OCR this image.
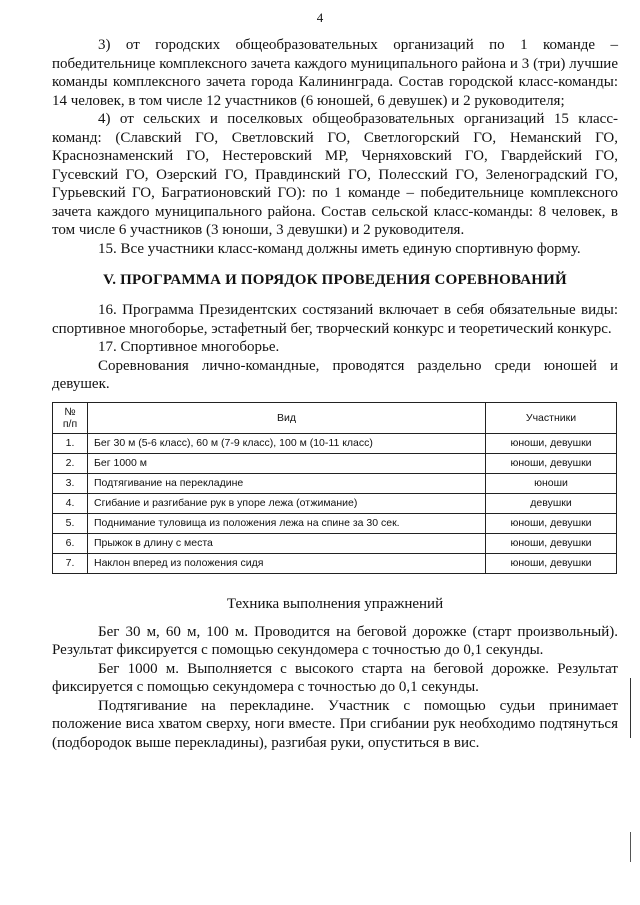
4

3) от городских общеобразовательных организаций по 1 команде – победительнице комплексного зачета каждого муниципального района и 3 (три) лучшие команды комплексного зачета города Калининграда. Состав городской класс-команды: 14 человек, в том числе 12 участников (6 юношей, 6 девушек) и 2 руководителя;

4) от сельских и поселковых общеобразовательных организаций 15 класс-команд: (Славский ГО, Светловский ГО, Светлогорский ГО, Неманский ГО, Краснознаменский ГО, Нестеровский МР, Черняховский ГО, Гвардейский ГО, Гусевский ГО, Озерский ГО, Правдинский ГО, Полесский ГО, Зеленоградский ГО, Гурьевский ГО, Багратионовский ГО): по 1 команде – победительнице комплексного зачета каждого муниципального района. Состав сельской класс-команды: 8 человек, в том числе 6 участников (3 юноши, 3 девушки) и 2 руководителя.

15. Все участники класс-команд должны иметь единую спортивную форму.

V. ПРОГРАММА И ПОРЯДОК ПРОВЕДЕНИЯ СОРЕВНОВАНИЙ

16. Программа Президентских состязаний включает в себя обязательные виды: спортивное многоборье, эстафетный бег, творческий конкурс и теоретический конкурс.

17. Спортивное многоборье.

Соревнования лично-командные, проводятся раздельно среди юношей и девушек.

№ п/п	Вид	Участники
1.	Бег 30 м (5-6 класс), 60 м (7-9 класс), 100 м (10-11 класс)	юноши, девушки
2.	Бег 1000 м	юноши, девушки
3.	Подтягивание на перекладине	юноши
4.	Сгибание и разгибание рук в упоре лежа (отжимание)	девушки
5.	Поднимание туловища из положения лежа на спине за 30 сек.	юноши, девушки
6.	Прыжок в длину с места	юноши, девушки
7.	Наклон вперед из положения сидя	юноши, девушки
Техника выполнения упражнений

Бег 30 м, 60 м, 100 м. Проводится на беговой дорожке (старт произвольный). Результат фиксируется с помощью секундомера с точностью до 0,1 секунды.

Бег 1000 м. Выполняется с высокого старта на беговой дорожке. Результат фиксируется с помощью секундомера с точностью до 0,1 секунды.

Подтягивание на перекладине. Участник с помощью судьи принимает положение виса хватом сверху, ноги вместе. При сгибании рук необходимо подтянуться (подбородок выше перекладины), разгибая руки, опуститься в вис.
